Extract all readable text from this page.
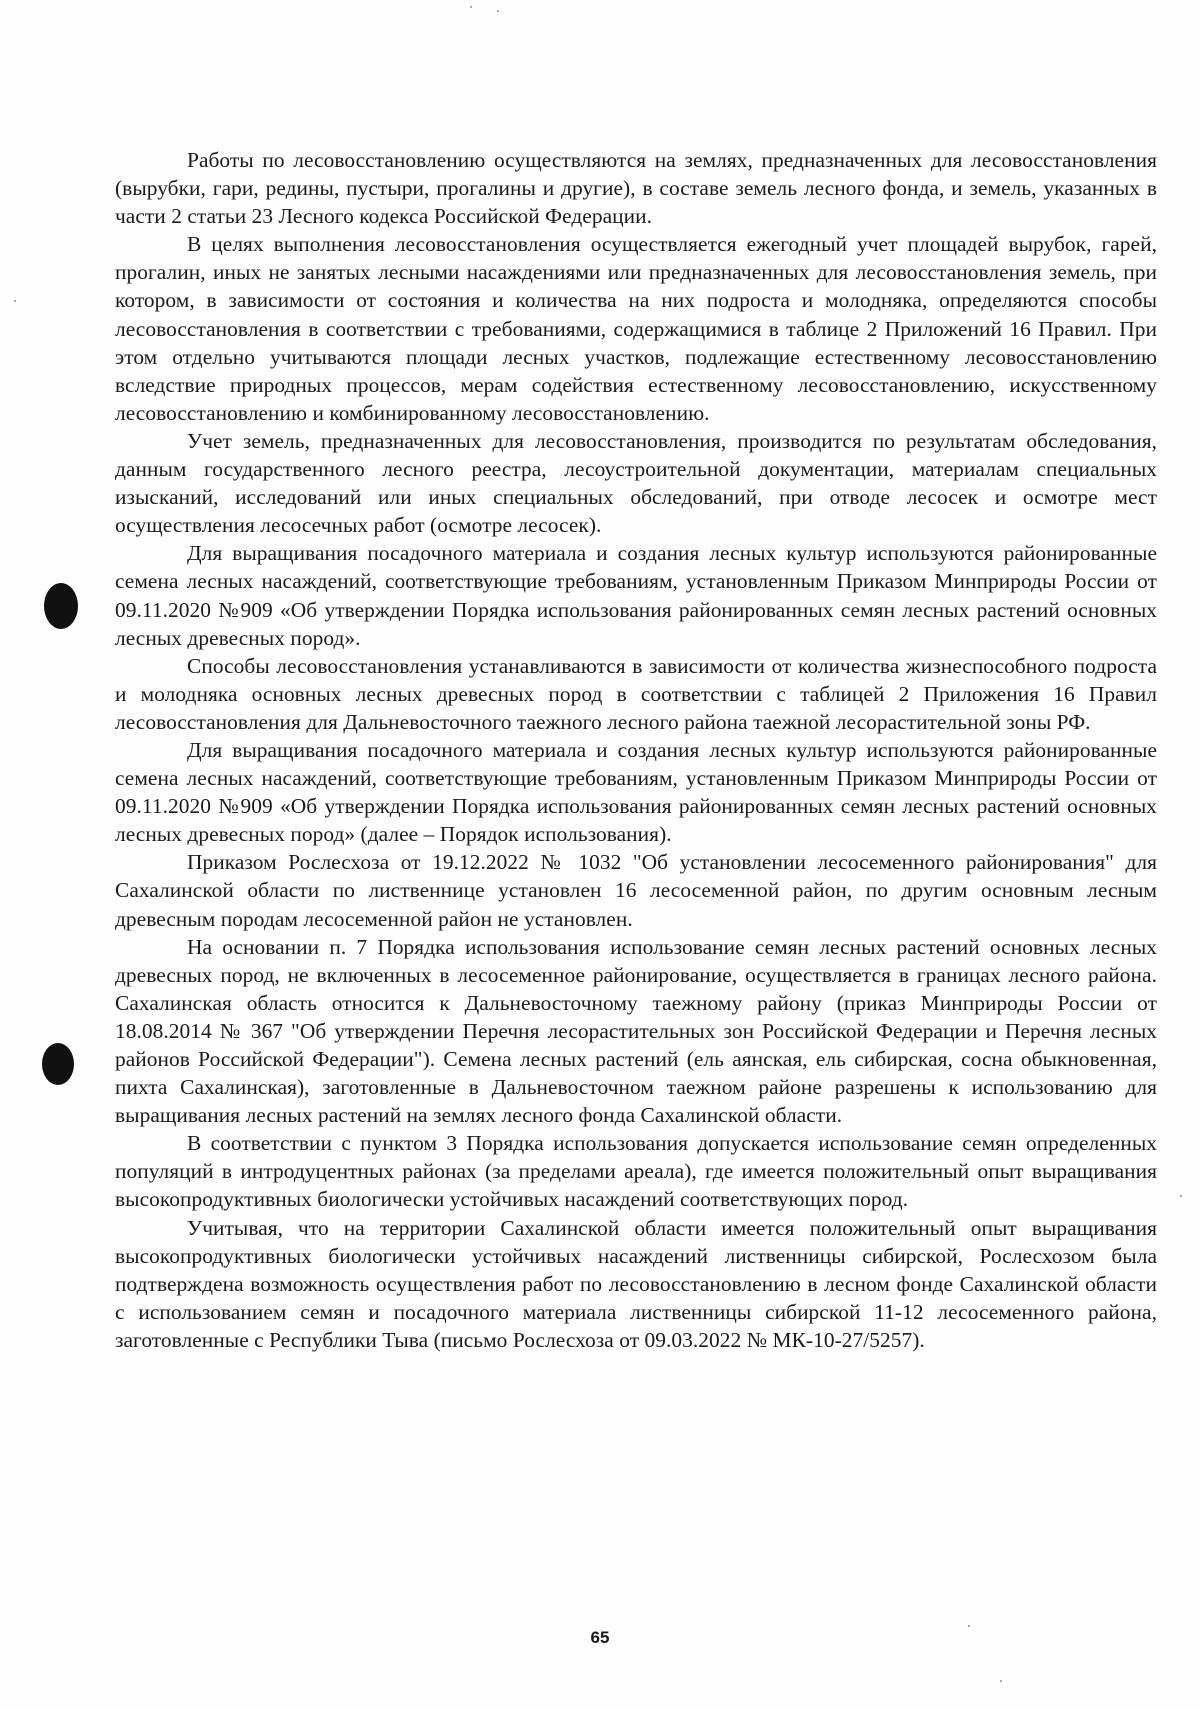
Работы по лесовосстановлению осуществляются на землях, предназначенных для лесовосстановления (вырубки, гари, редины, пустыри, прогалины и другие), в составе земель лесного фонда, и земель, указанных в части 2 статьи 23 Лесного кодекса Российской Федерации.

В целях выполнения лесовосстановления осуществляется ежегодный учет площадей вырубок, гарей, прогалин, иных не занятых лесными насаждениями или предназначенных для лесовосстановления земель, при котором, в зависимости от состояния и количества на них подроста и молодняка, определяются способы лесовосстановления в соответствии с требованиями, содержащимися в таблице 2 Приложений 16 Правил. При этом отдельно учитываются площади лесных участков, подлежащие естественному лесовосстановлению вследствие природных процессов, мерам содействия естественному лесовосстановлению, искусственному лесовосстановлению и комбинированному лесовосстановлению.

Учет земель, предназначенных для лесовосстановления, производится по результатам обследования, данным государственного лесного реестра, лесоустроительной документации, материалам специальных изысканий, исследований или иных специальных обследований, при отводе лесосек и осмотре мест осуществления лесосечных работ (осмотре лесосек).

Для выращивания посадочного материала и создания лесных культур используются районированные семена лесных насаждений, соответствующие требованиям, установленным Приказом Минприроды России от 09.11.2020 №909 «Об утверждении Порядка использования районированных семян лесных растений основных лесных древесных пород».

Способы лесовосстановления устанавливаются в зависимости от количества жизнеспособного подроста и молодняка основных лесных древесных пород в соответствии с таблицей 2 Приложения 16 Правил лесовосстановления для Дальневосточного таежного лесного района таежной лесорастительной зоны РФ.

Для выращивания посадочного материала и создания лесных культур используются районированные семена лесных насаждений, соответствующие требованиям, установленным Приказом Минприроды России от 09.11.2020 №909 «Об утверждении Порядка использования районированных семян лесных растений основных лесных древесных пород» (далее – Порядок использования).

Приказом Рослесхоза от 19.12.2022 № 1032 "Об установлении лесосеменного районирования" для Сахалинской области по лиственнице установлен 16 лесосеменной район, по другим основным лесным древесным породам лесосеменной район не установлен.

На основании п. 7 Порядка использования использование семян лесных растений основных лесных древесных пород, не включенных в лесосеменное районирование, осуществляется в границах лесного района. Сахалинская область относится к Дальневосточному таежному району (приказ Минприроды России от 18.08.2014 № 367 "Об утверждении Перечня лесорастительных зон Российской Федерации и Перечня лесных районов Российской Федерации"). Семена лесных растений (ель аянская, ель сибирская, сосна обыкновенная, пихта Сахалинская), заготовленные в Дальневосточном таежном районе разрешены к использованию для выращивания лесных растений на землях лесного фонда Сахалинской области.

В соответствии с пунктом 3 Порядка использования допускается использование семян определенных популяций в интродуцентных районах (за пределами ареала), где имеется положительный опыт выращивания высокопродуктивных биологически устойчивых насаждений соответствующих пород.

Учитывая, что на территории Сахалинской области имеется положительный опыт выращивания высокопродуктивных биологически устойчивых насаждений лиственницы сибирской, Рослесхозом была подтверждена возможность осуществления работ по лесовосстановлению в лесном фонде Сахалинской области с использованием семян и посадочного материала лиственницы сибирской 11-12 лесосеменного района, заготовленные с Республики Тыва (письмо Рослесхоза от 09.03.2022 № МК-10-27/5257).

65
